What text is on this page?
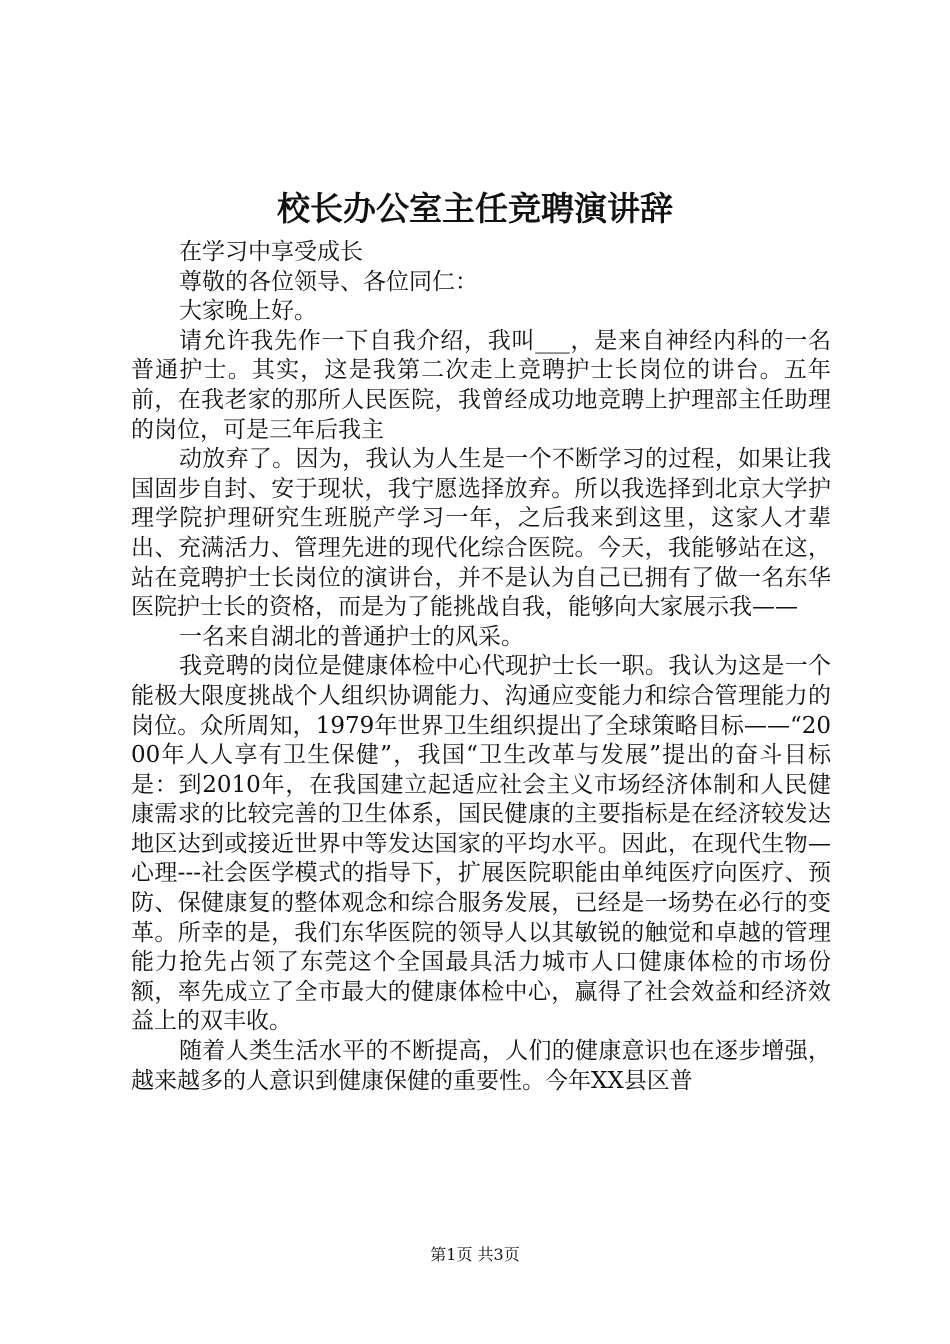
校长办公室主任竞聘演讲辞

在学习中享受成长

尊敬的各位领导、各位同仁：

大家晚上好。

请允许我先作一下自我介绍，我叫___，是来自神经内科的一名普通护士。其实，这是我第二次走上竞聘护士长岗位的讲台。五年前，在我老家的那所人民医院，我曾经成功地竞聘上护理部主任助理的岗位，可是三年后我主

动放弃了。因为，我认为人生是一个不断学习的过程，如果让我国固步自封、安于现状，我宁愿选择放弃。所以我选择到北京大学护理学院护理研究生班脱产学习一年，之后我来到这里，这家人才辈出、充满活力、管理先进的现代化综合医院。今天，我能够站在这，站在竞聘护士长岗位的演讲台，并不是认为自己已拥有了做一名东华医院护士长的资格，而是为了能挑战自我，能够向大家展示我——

一名来自湖北的普通护士的风采。

我竞聘的岗位是健康体检中心代现护士长一职。我认为这是一个能极大限度挑战个人组织协调能力、沟通应变能力和综合管理能力的岗位。众所周知，1979年世界卫生组织提出了全球策略目标——“2000年人人享有卫生保健”，我国“卫生改革与发展”提出的奋斗目标是：到2010年，在我国建立起适应社会主义市场经济体制和人民健康需求的比较完善的卫生体系，国民健康的主要指标是在经济较发达地区达到或接近世界中等发达国家的平均水平。因此，在现代生物—心理---社会医学模式的指导下，扩展医院职能由单纯医疗向医疗、预防、保健康复的整体观念和综合服务发展，已经是一场势在必行的变革。所幸的是，我们东华医院的领导人以其敏锐的触觉和卓越的管理能力抢先占领了东莞这个全国最具活力城市人口健康体检的市场份额，率先成立了全市最大的健康体检中心，赢得了社会效益和经济效益上的双丰收。

随着人类生活水平的不断提高，人们的健康意识也在逐步增强，越来越多的人意识到健康保健的重要性。今年XX县区普

第1页 共3页
